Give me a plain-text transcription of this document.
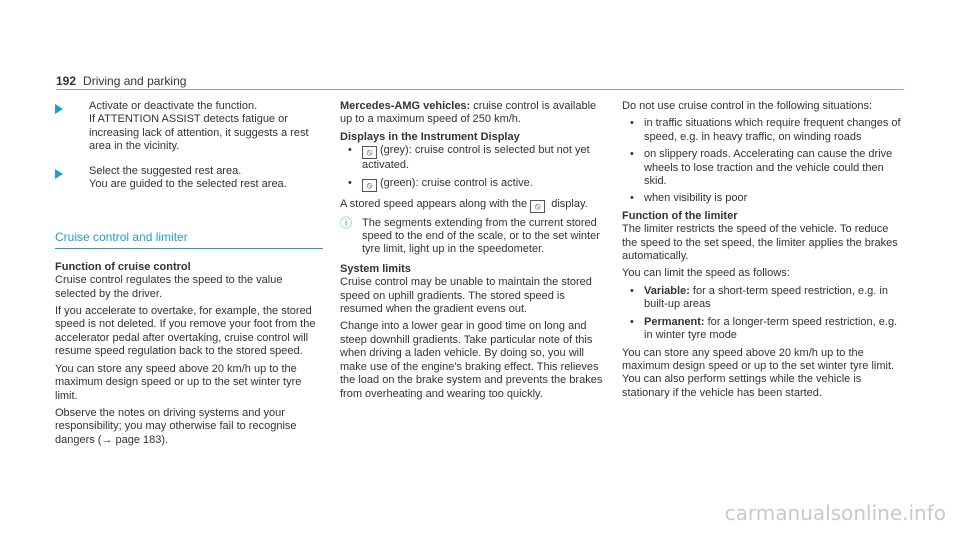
192 Driving and parking
Activate or deactivate the function.
If ATTENTION ASSIST detects fatigue or increasing lack of attention, it suggests a rest area in the vicinity.
Select the suggested rest area.
You are guided to the selected rest area.
Cruise control and limiter
Function of cruise control

Cruise control regulates the speed to the value selected by the driver.

If you accelerate to overtake, for example, the stored speed is not deleted. If you remove your foot from the accelerator pedal after overtaking, cruise control will resume speed regulation back to the stored speed.

You can store any speed above 20 km/h up to the maximum design speed or up to the set winter tyre limit.

Observe the notes on driving systems and your responsibility; you may otherwise fail to recognise dangers (→ page 183).

Mercedes-AMG vehicles: cruise control is available up to a maximum speed of 250 km/h.

Displays in the Instrument Display
• ⦸ (grey): cruise control is selected but not yet activated.
• ⦸ (green): cruise control is active.

A stored speed appears along with the ⦸ display.

ⓘ The segments extending from the current stored speed to the end of the scale, or to the set winter tyre limit, light up in the speedometer.
System limits

Cruise control may be unable to maintain the stored speed on uphill gradients. The stored speed is resumed when the gradient evens out.

Change into a lower gear in good time on long and steep downhill gradients. Take particular note of this when driving a laden vehicle. By doing so, you will make use of the engine's braking effect. This relieves the load on the brake system and prevents the brakes from overheating and wearing too quickly.

Do not use cruise control in the following situations:

• in traffic situations which require frequent changes of speed, e.g. in heavy traffic, on winding roads
• on slippery roads. Accelerating can cause the drive wheels to lose traction and the vehicle could then skid.
• when visibility is poor
Function of the limiter

The limiter restricts the speed of the vehicle. To reduce the speed to the set speed, the limiter applies the brakes automatically.

You can limit the speed as follows:

• Variable: for a short-term speed restriction, e.g. in built-up areas
• Permanent: for a longer-term speed restriction, e.g. in winter tyre mode

You can store any speed above 20 km/h up to the maximum design speed or up to the set winter tyre limit. You can also perform settings while the vehicle is stationary if the vehicle has been started.

carmanualsonline.info
